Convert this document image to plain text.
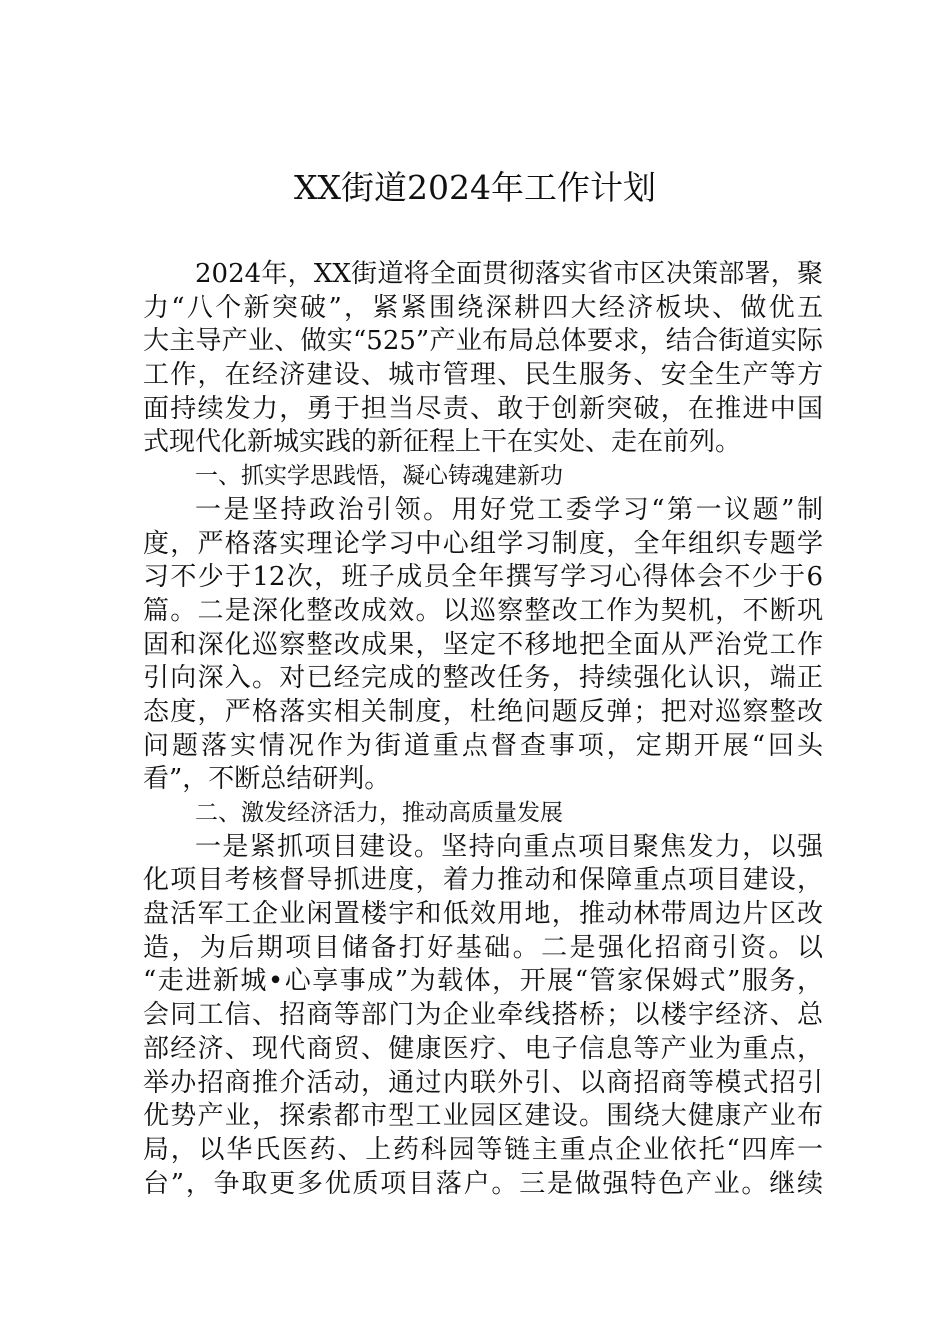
XX街道2024年工作计划
2024年，XX街道将全面贯彻落实省市区决策部署，聚
力“八个新突破”，紧紧围绕深耕四大经济板块、做优五
大主导产业、做实“525”产业布局总体要求，结合街道实际
工作，在经济建设、城市管理、民生服务、安全生产等方
面持续发力，勇于担当尽责、敢于创新突破，在推进中国
式现代化新城实践的新征程上干在实处、走在前列。
一、抓实学思践悟，凝心铸魂建新功
一是坚持政治引领。用好党工委学习“第一议题”制
度，严格落实理论学习中心组学习制度，全年组织专题学
习不少于12次，班子成员全年撰写学习心得体会不少于6
篇。二是深化整改成效。以巡察整改工作为契机，不断巩
固和深化巡察整改成果，坚定不移地把全面从严治党工作
引向深入。对已经完成的整改任务，持续强化认识，端正
态度，严格落实相关制度，杜绝问题反弹；把对巡察整改
问题落实情况作为街道重点督查事项，定期开展“回头
看”，不断总结研判。
二、激发经济活力，推动高质量发展
一是紧抓项目建设。坚持向重点项目聚焦发力，以强
化项目考核督导抓进度，着力推动和保障重点项目建设，
盘活军工企业闲置楼宇和低效用地，推动林带周边片区改
造，为后期项目储备打好基础。二是强化招商引资。以
“走进新城•心享事成”为载体，开展“管家保姆式”服务，
会同工信、招商等部门为企业牵线搭桥；以楼宇经济、总
部经济、现代商贸、健康医疗、电子信息等产业为重点，
举办招商推介活动，通过内联外引、以商招商等模式招引
优势产业，探索都市型工业园区建设。围绕大健康产业布
局，以华氏医药、上药科园等链主重点企业依托“四库一
台”，争取更多优质项目落户。三是做强特色产业。继续
